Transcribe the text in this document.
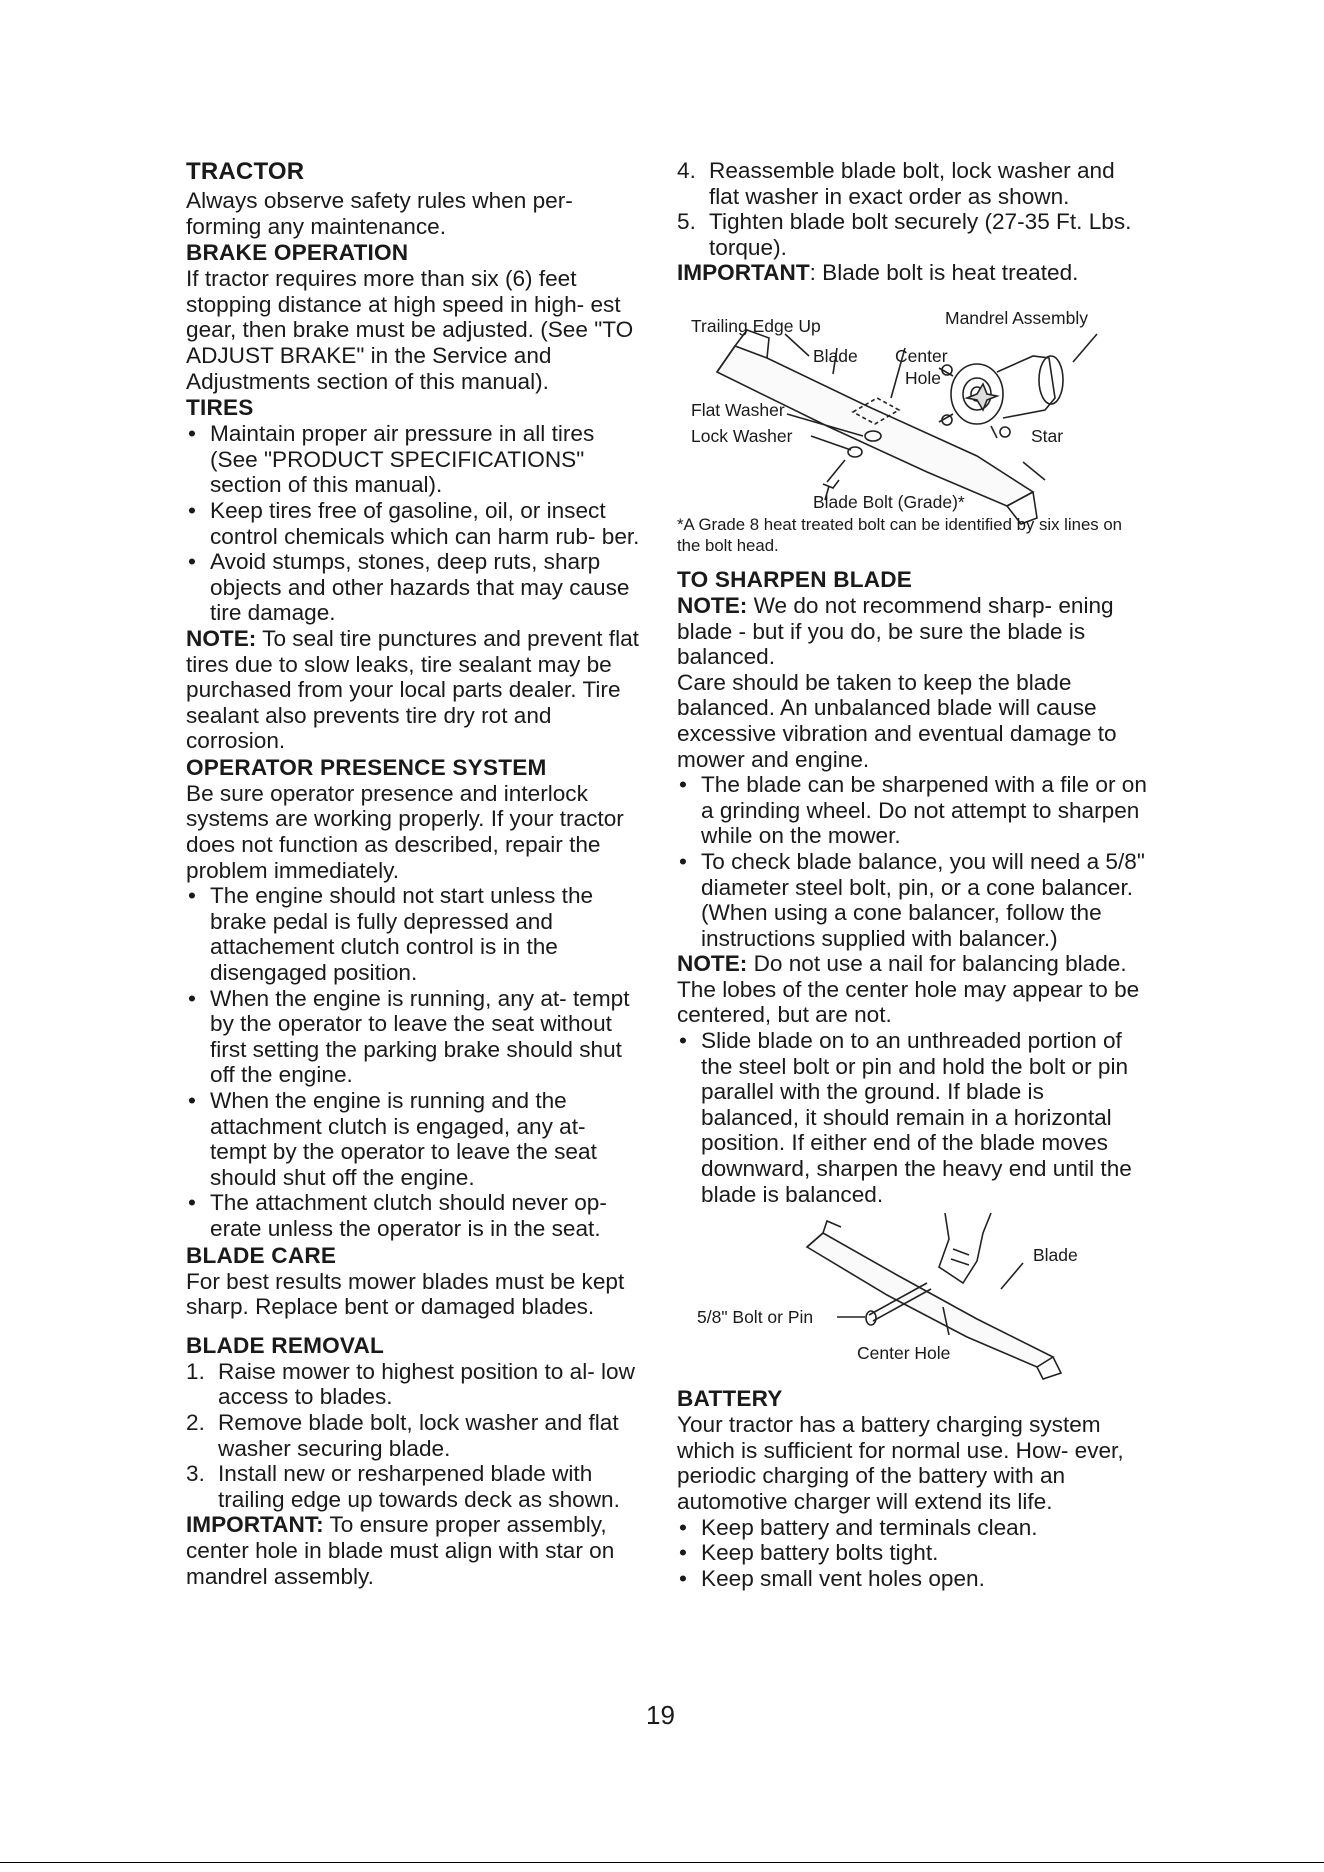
TRACTOR

Always observe safety rules when per- forming any maintenance.

BRAKE OPERATION

If tractor requires more than six (6) feet stopping distance at high speed in high- est gear, then brake must be adjusted. (See "TO ADJUST BRAKE" in the Service and Adjustments section of this manual).

TIRES
• Maintain proper air pressure in all tires (See "PRODUCT SPECIFICATIONS" section of this manual).
• Keep tires free of gasoline, oil, or insect control chemicals which can harm rub- ber.
• Avoid stumps, stones, deep ruts, sharp objects and other hazards that may cause tire damage.

NOTE: To seal tire punctures and prevent flat tires due to slow leaks, tire sealant may be purchased from your local parts dealer. Tire sealant also prevents tire dry rot and corrosion.

OPERATOR PRESENCE SYSTEM

Be sure operator presence and interlock systems are working properly. If your tractor does not function as described, repair the problem immediately.

• The engine should not start unless the brake pedal is fully depressed and attachement clutch control is in the disengaged position.
• When the engine is running, any at- tempt by the operator to leave the seat without first setting the parking brake should shut off the engine.
• When the engine is running and the attachment clutch is engaged, any at- tempt by the operator to leave the seat should shut off the engine.
• The attachment clutch should never op- erate unless the operator is in the seat.
BLADE CARE

For best results mower blades must be kept sharp. Replace bent or damaged blades.

BLADE REMOVAL
1. Raise mower to highest position to al- low access to blades.
2. Remove blade bolt, lock washer and flat washer securing blade.
3. Install new or resharpened blade with trailing edge up towards deck as shown.

IMPORTANT: To ensure proper assembly, center hole in blade must align with star on mandrel assembly.

4. Reassemble blade bolt, lock washer and flat washer in exact order as shown.
5. Tighten blade bolt securely (27-35 Ft. Lbs. torque).

IMPORTANT: Blade bolt is heat treated.

Trailing Edge Up	Mandrel Assembly
Blade Center
Hole
Flat Washer
Lock Washer	Star
Blade Bolt (Grade)*

*A Grade 8 heat treated bolt can be identified by six lines on the bolt head.

TO SHARPEN BLADE

NOTE: We do not recommend sharp- ening blade - but if you do, be sure the blade is balanced.

Care should be taken to keep the blade balanced. An unbalanced blade will cause excessive vibration and eventual damage to mower and engine.

• The blade can be sharpened with a file or on a grinding wheel. Do not attempt to sharpen while on the mower.
• To check blade balance, you will need a 5/8" diameter steel bolt, pin, or a cone balancer. (When using a cone balancer, follow the instructions supplied with balancer.)

NOTE: Do not use a nail for balancing blade. The lobes of the center hole may appear to be centered, but are not.

• Slide blade on to an unthreaded portion of the steel bolt or pin and hold the bolt or pin parallel with the ground. If blade is balanced, it should remain in a horizontal position. If either end of the blade moves downward, sharpen the heavy end until the blade is balanced.
Blade
5/8" Bolt or Pin
Center Hole
BATTERY

Your tractor has a battery charging system which is sufficient for normal use. How- ever, periodic charging of the battery with an automotive charger will extend its life.

• Keep battery and terminals clean.
• Keep battery bolts tight.
• Keep small vent holes open.
19
